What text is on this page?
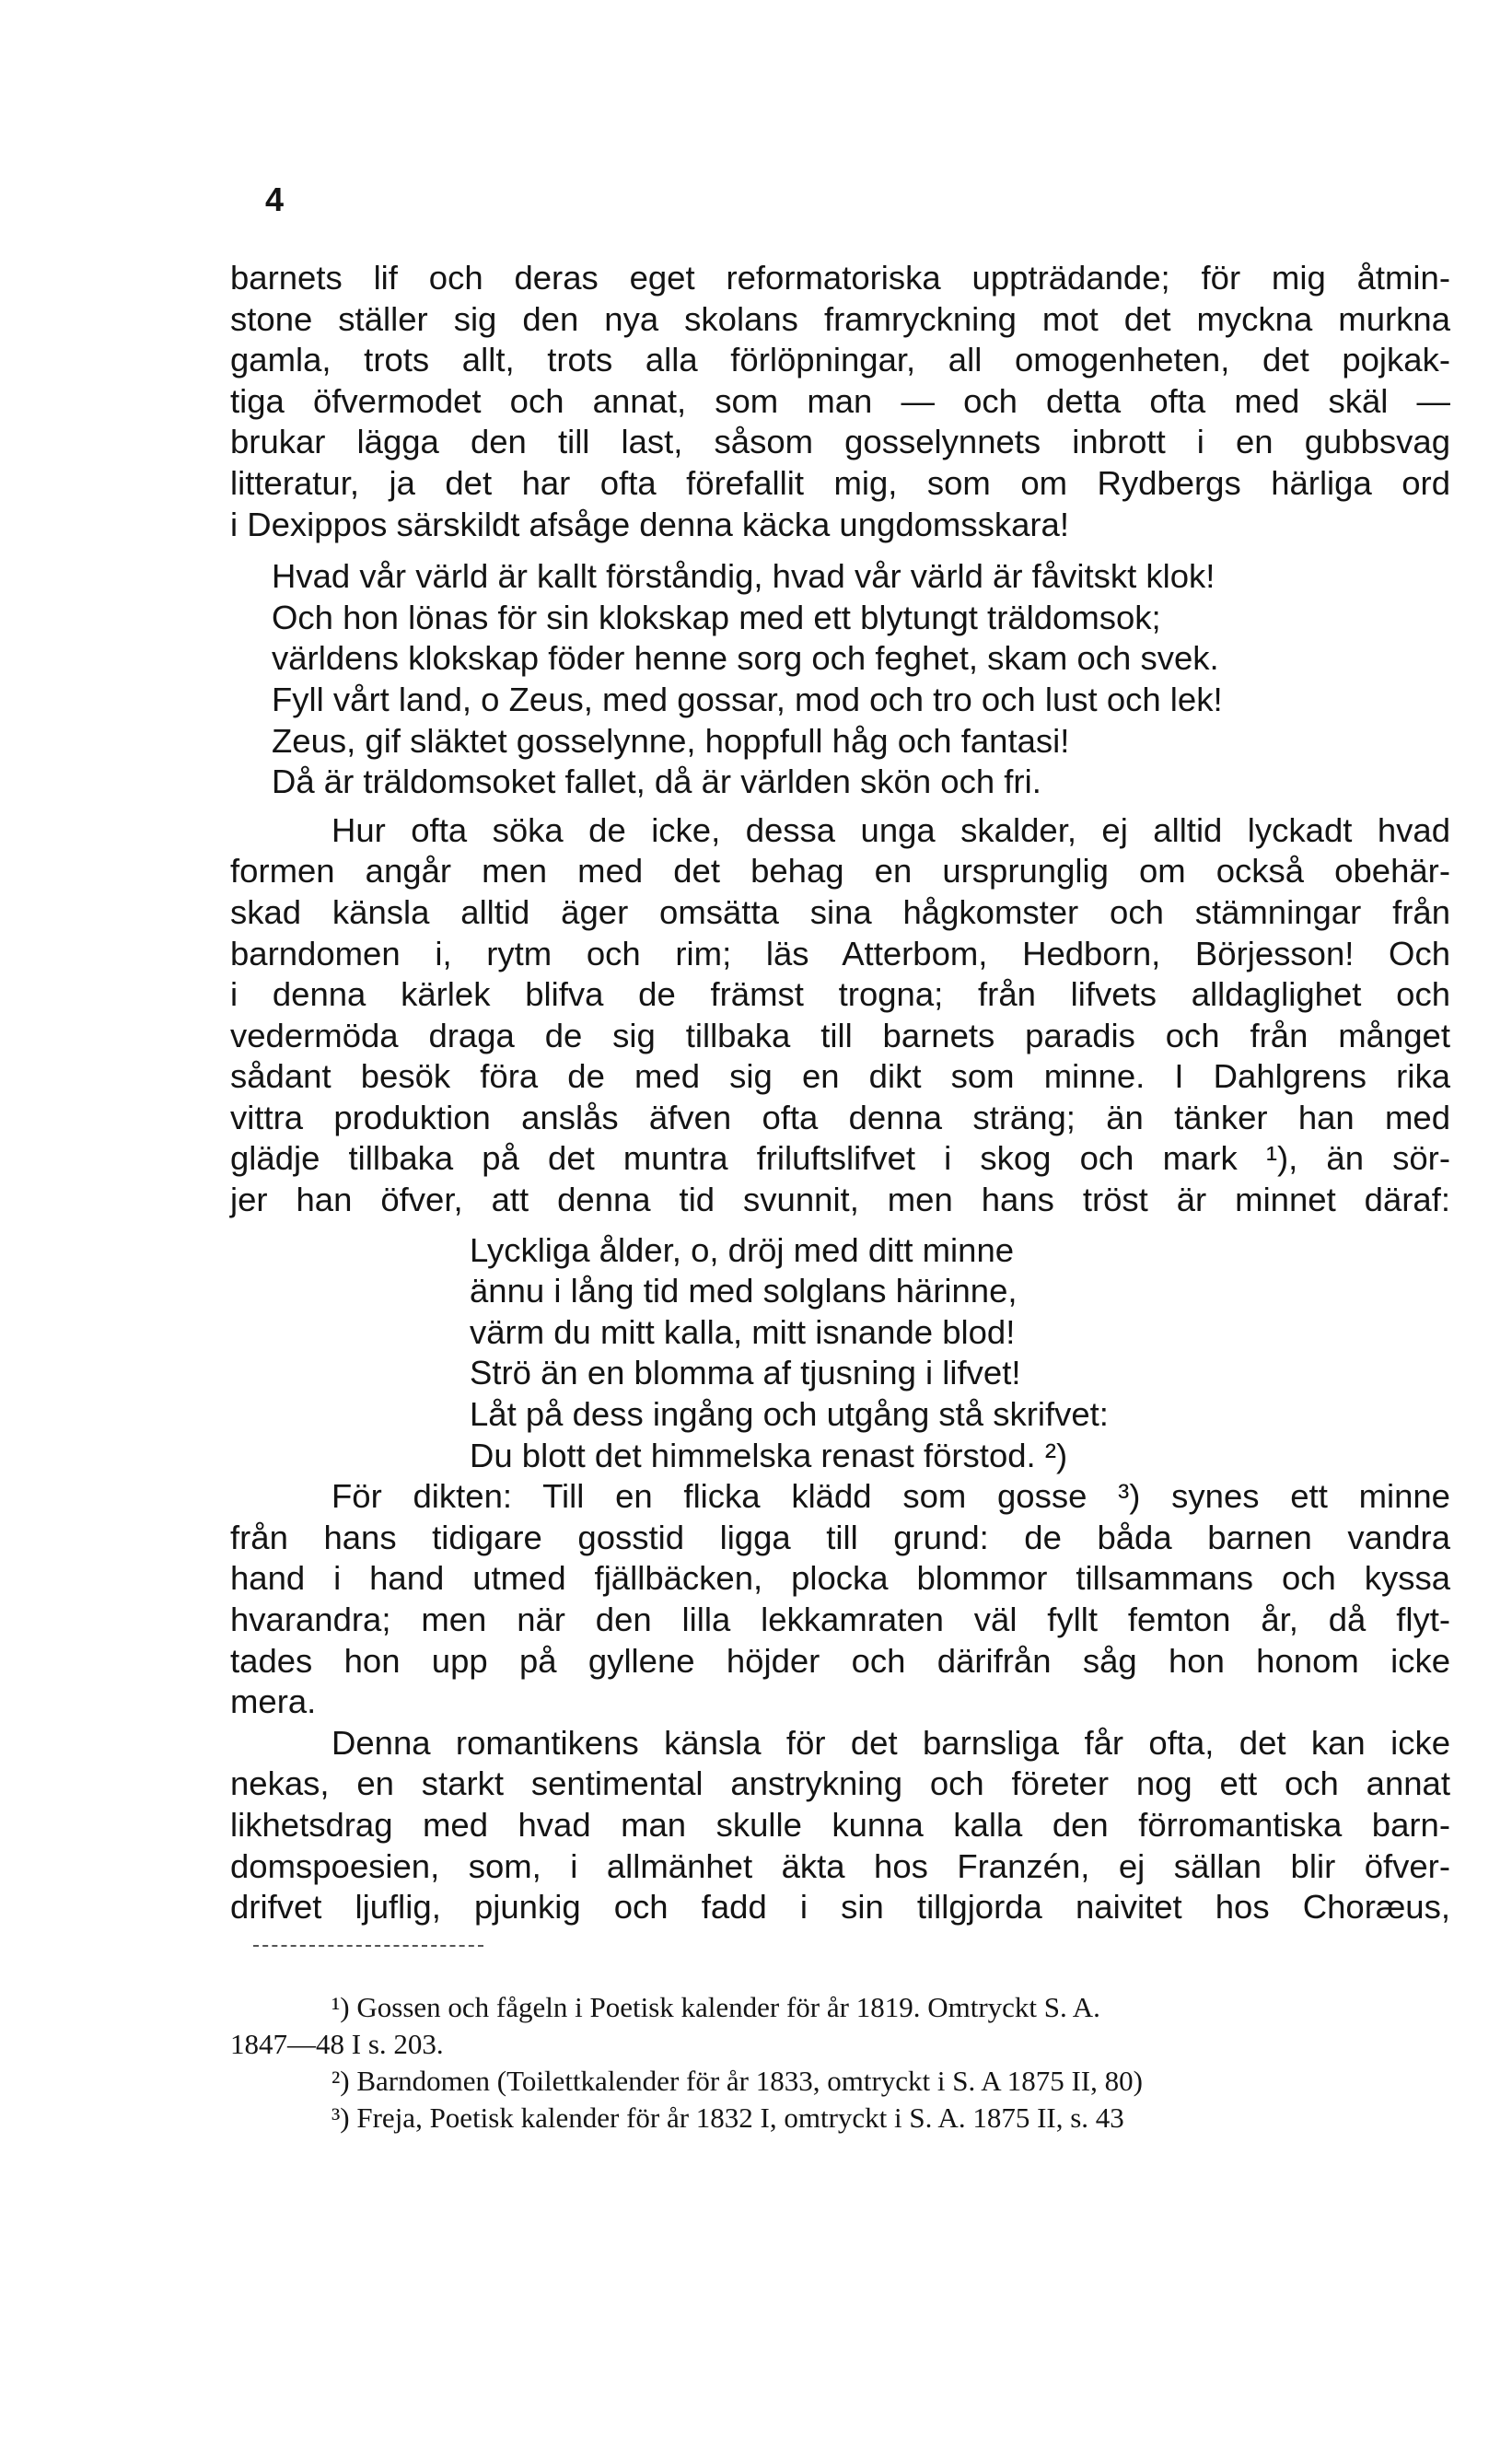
4
barnets lif och deras eget reformatoriska uppträdande; för mig åtmin-
stone ställer sig den nya skolans framryckning mot det myckna murkna
gamla, trots allt, trots alla förlöpningar, all omogenheten, det pojkak-
tiga öfvermodet och annat, som man — och detta ofta med skäl —
brukar lägga den till last, såsom gosselynnets inbrott i en gubbsvag
litteratur, ja det har ofta förefallit mig, som om Rydbergs härliga ord
i Dexippos särskildt afsåge denna käcka ungdomsskara!
Hvad vår värld är kallt förståndig, hvad vår värld är fåvitskt klok!
Och hon lönas för sin klokskap med ett blytungt träldomsok;
världens klokskap föder henne sorg och feghet, skam och svek.
Fyll vårt land, o Zeus, med gossar, mod och tro och lust och lek!
Zeus, gif släktet gosselynne, hoppfull håg och fantasi!
Då är träldomsoket fallet, då är världen skön och fri.
Hur ofta söka de icke, dessa unga skalder, ej alltid lyckadt hvad
formen angår men med det behag en ursprunglig om också obehär-
skad känsla alltid äger omsätta sina hågkomster och stämningar från
barndomen i, rytm och rim; läs Atterbom, Hedborn, Börjesson! Och
i denna kärlek blifva de främst trogna; från lifvets alldaglighet och
vedermöda draga de sig tillbaka till barnets paradis och från månget
sådant besök föra de med sig en dikt som minne. I Dahlgrens rika
vittra produktion anslås äfven ofta denna sträng; än tänker han med
glädje tillbaka på det muntra friluftslifvet i skog och mark ¹), än sör-
jer han öfver, att denna tid svunnit, men hans tröst är minnet däraf:
Lyckliga ålder, o, dröj med ditt minne
ännu i lång tid med solglans härinne,
värm du mitt kalla, mitt isnande blod!
Strö än en blomma af tjusning i lifvet!
Låt på dess ingång och utgång stå skrifvet:
Du blott det himmelska renast förstod. ²)
För dikten: Till en flicka klädd som gosse ³) synes ett minne
från hans tidigare gosstid ligga till grund: de båda barnen vandra
hand i hand utmed fjällbäcken, plocka blommor tillsammans och kyssa
hvarandra; men när den lilla lekkamraten väl fyllt femton år, då flyt-
tades hon upp på gyllene höjder och därifrån såg hon honom icke
mera.
Denna romantikens känsla för det barnsliga får ofta, det kan icke
nekas, en starkt sentimental anstrykning och företer nog ett och annat
likhetsdrag med hvad man skulle kunna kalla den förromantiska barn-
domspoesien, som, i allmänhet äkta hos Franzén, ej sällan blir öfver-
drifvet ljuflig, pjunkig och fadd i sin tillgjorda naivitet hos Choræus,
¹) Gossen och fågeln i Poetisk kalender för år 1819. Omtryckt S. A.
1847—48 I s. 203.
²) Barndomen (Toilettkalender för år 1833, omtryckt i S. A 1875 II, 80)
³) Freja, Poetisk kalender för år 1832 I, omtryckt i S. A. 1875 II, s. 43
